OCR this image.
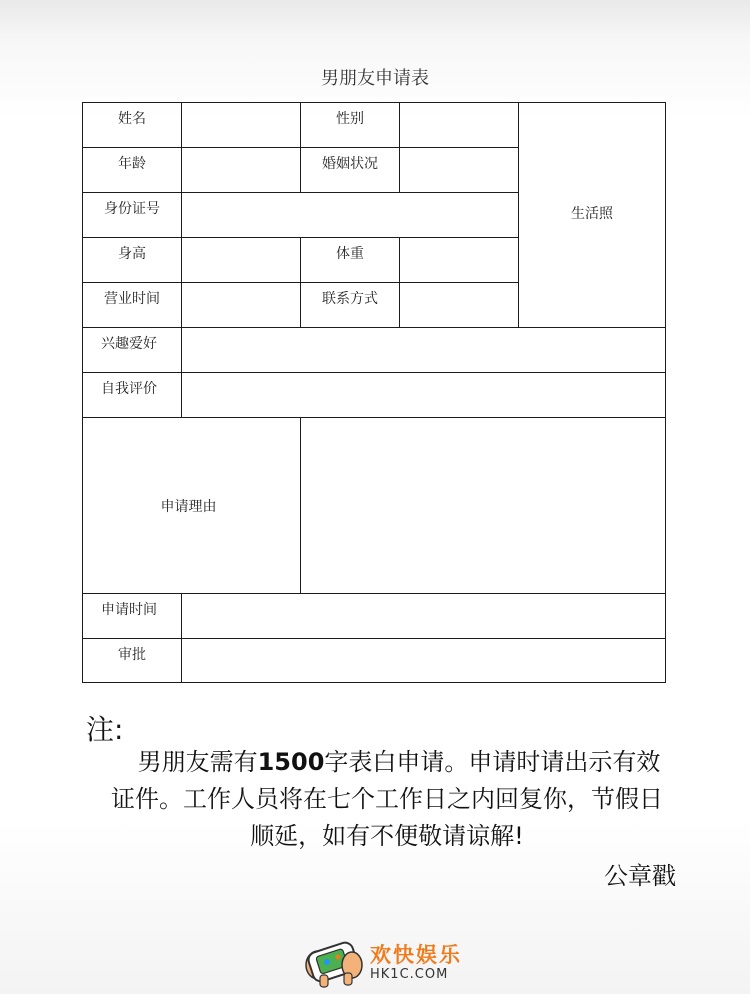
男朋友申请表
姓名	性别
生活照
年龄	婚姻状况
身份证号
身高	体重
营业时间	联系方式
兴趣爱好
自我评价
申请理由
申请时间
审批
注:
男朋友需有1500字表白申请。申请时请出示有效
证件。工作人员将在七个工作日之内回复你，节假日
顺延，如有不便敬请谅解!
公章戳
欢快娱乐
HK1C.COM
